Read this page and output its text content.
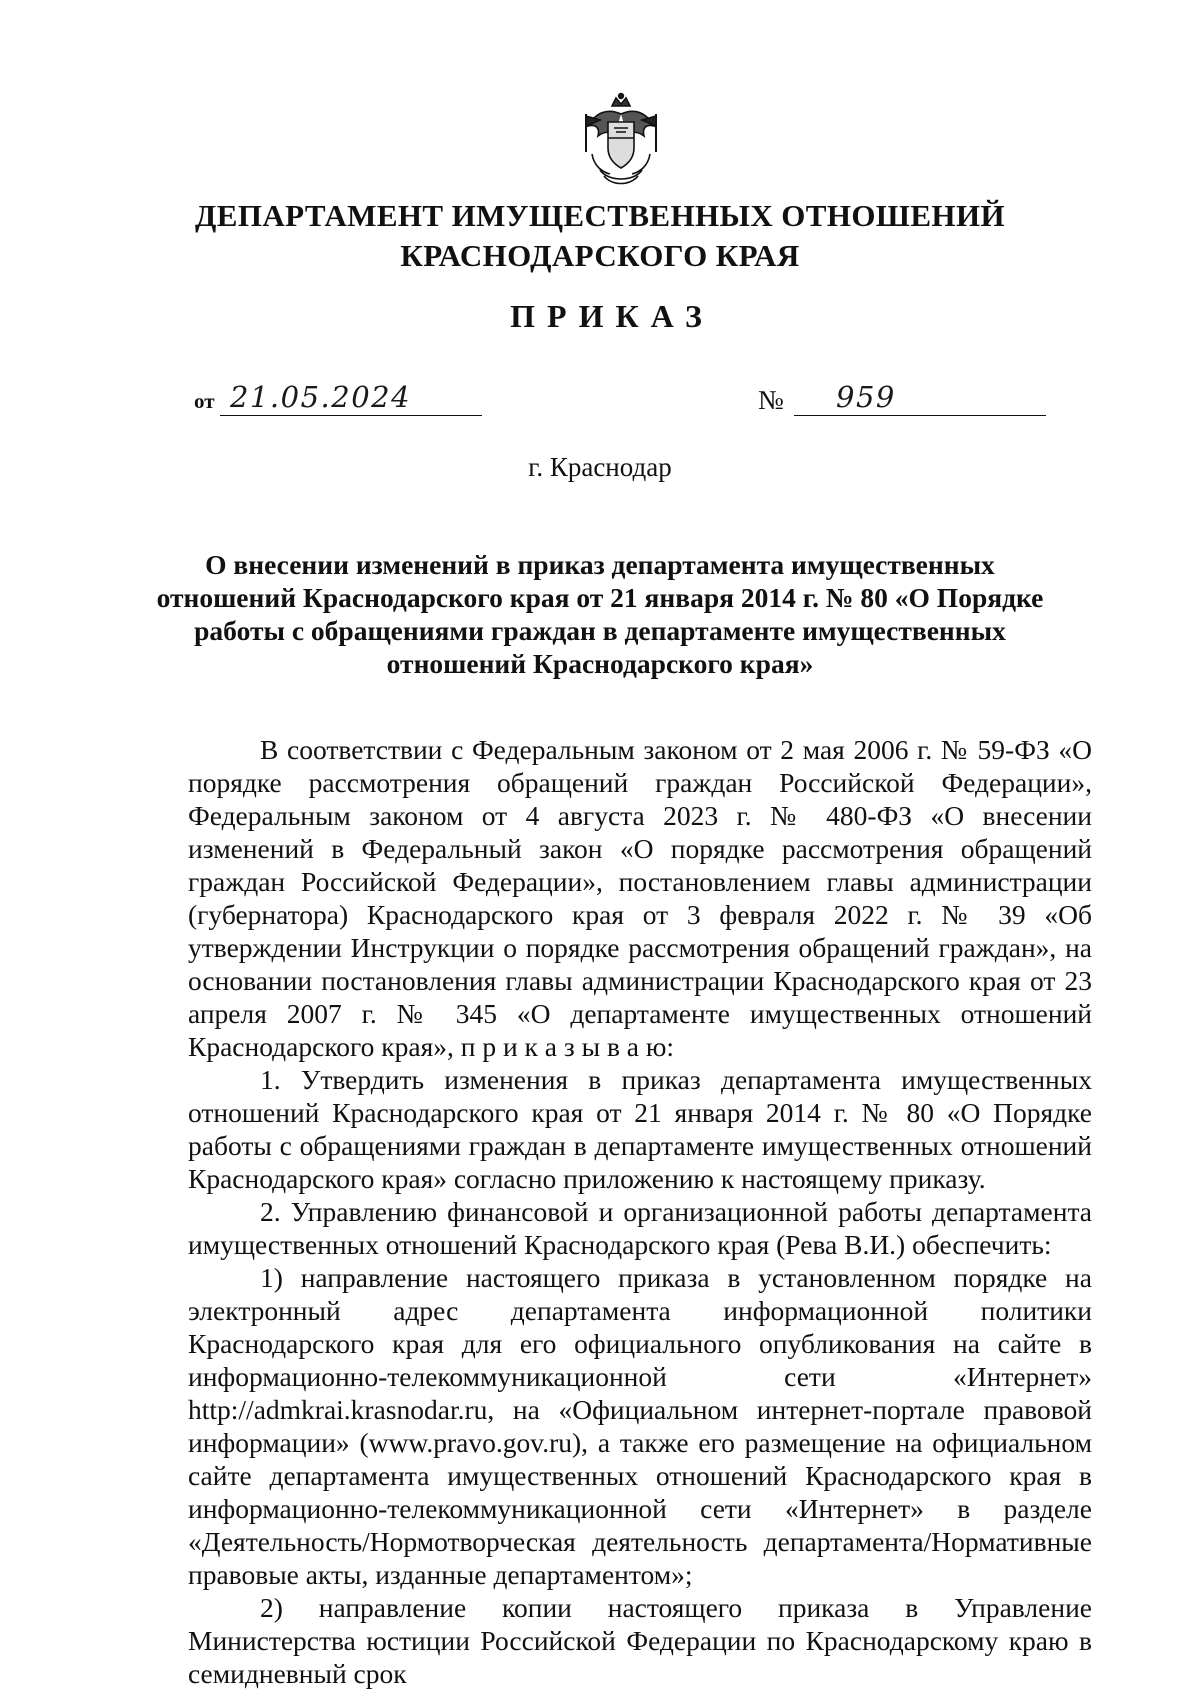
ДЕПАРТАМЕНТ ИМУЩЕСТВЕННЫХ ОТНОШЕНИЙ
КРАСНОДАРСКОГО КРАЯ
ПРИКАЗ
от 21.05.2024	№ 959
г. Краснодар
О внесении изменений в приказ департамента имущественных отношений Краснодарского края от 21 января 2014 г. № 80 «О Порядке работы с обращениями граждан в департаменте имущественных отношений Краснодарского края»

В соответствии с Федеральным законом от 2 мая 2006 г. № 59-ФЗ «О порядке рассмотрения обращений граждан Российской Федерации», Федеральным законом от 4 августа 2023 г. № 480-ФЗ «О внесении изменений в Федеральный закон «О порядке рассмотрения обращений граждан Российской Федерации», постановлением главы администрации (губернатора) Краснодарского края от 3 февраля 2022 г. № 39 «Об утверждении Инструкции о порядке рассмотрения обращений граждан», на основании постановления главы администрации Краснодарского края от 23 апреля 2007 г. № 345 «О департаменте имущественных отношений Краснодарского края», п р и к а з ы в а ю:

1. Утвердить изменения в приказ департамента имущественных отношений Краснодарского края от 21 января 2014 г. № 80 «О Порядке работы с обращениями граждан в департаменте имущественных отношений Краснодарского края» согласно приложению к настоящему приказу.

2. Управлению финансовой и организационной работы департамента имущественных отношений Краснодарского края (Рева В.И.) обеспечить:

1) направление настоящего приказа в установленном порядке на электронный адрес департамента информационной политики Краснодарского края для его официального опубликования на сайте в информационно-телекоммуникационной сети «Интернет» http://admkrai.krasnodar.ru, на «Официальном интернет-портале правовой информации» (www.pravo.gov.ru), а также его размещение на официальном сайте департамента имущественных отношений Краснодарского края в информационно-телекоммуникационной сети «Интернет» в разделе «Деятельность/Нормотворческая деятельность департамента/Нормативные правовые акты, изданные департаментом»;

2) направление копии настоящего приказа в Управление Министерства юстиции Российской Федерации по Краснодарскому краю в семидневный срок
